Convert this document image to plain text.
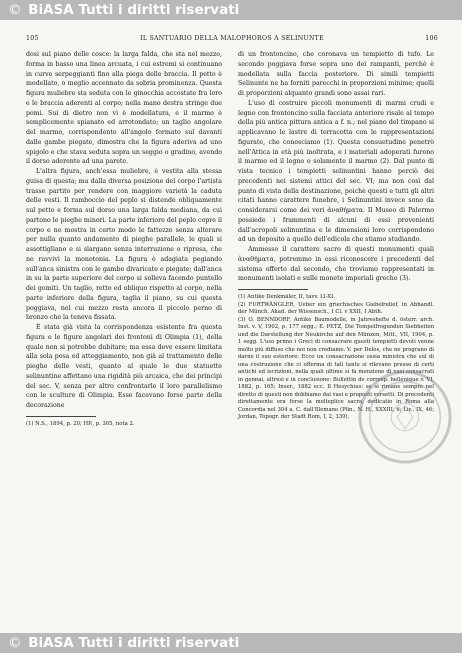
© BiASA Tutti i diritti riservati
105	IL SANTUARIO DELLA MALOPHOROS A SELINUNTE	106

dosi sul piano delle cosce: la larga falda, che sta nel mezzo, forma in basso una linea arcuata, i cui estremi si continuano in curve serpeggianti fino alla piega delle braccia. Il petto è modellato, o meglio accennato da sobria prominenza. Questa figura muliebre sta seduta con le ginocchia accostate fra loro e le braccia aderenti al corpo; nella mano destra stringe due pomi. Sui di dietro non vi è modellatura, e il marmo è semplicemente spianato ed arrotondato; un taglio angolare del marmo, corrispondente all'angolo formato sul davanti dalle gambe piegate, dimostra che la figura aderiva ad uno spigolo e che stava seduta sopra un seggio o gradino, avendo il dorso aderente ad una parete.

L'altra figura, anch'essa muliebre, è vestita alla stessa guisa di questa; ma dalla diversa posizione del corpo l'artista trasse partito per rendere con maggiore varietà la caduta delle vesti. Il ramboccio del peplo si distende obliquamente sul petto e forma sul dorso una larga falda mediana, da cui partono le pieghe minori. La parte inferiore del peplo copre il corpo e ne mostra in certo modo le fattezze senza alterare per nulla quanto andamento di pieghe parallele, le quali si assottigliano e si slargano senza interruzione o ripresa, che ne ravvivi la monotonia. La figura è adagiata pegiando sull'anca sinistra con le gambe divaricate e piegate; dall'anca in su la parte superiore del corpo si solleva facendo puntello dei gomiti. Un taglio, retto ed obliquo rispetto al corpo, nella parte inferiore della figura, taglia il piano, su cui questa poggiava, nel cui mezzo resta ancora il piccolo perno di bronzo che la teneva fissata.

È stata già vista la corrispondenza esistente fra questa figura e le figure angolari dei frontoni di Olimpia (1), della quale non si potrebbe dubitare; ma essa deve essere limitata alla sola posa ed atteggiamento, non già al trattamento delle pieghe delle vesti, quanto al quale le due statuette selinuntine affettano una rigidità più arcaica, che dei principi del sec. V, senza per altro confrontarle il loro parallelismo con le sculture di Olimpia. Esse facevano forse parte della decorazione

(1) N.S., 1894, p. 20; HP., p. 305, nota 2.

di un frontoncino, che coronava un tempietto di tufo. Le secondo poggiava forse sopra uno dei rampanti, perchè è modellata sulla faccia posteriore. Di simili tempietti Selinunte ne ha forniti parecchi in proporzioni minime; quelli di proporzioni alquanto grandi sono assai rari.

L'uso di costruire piccoli monumenti di marmi crudi e legno con frontoncino sulla facciata anteriore risale al tempo della più antica pittura antica a f. n.; nel piano del timpano si applicavano le lastre di terracotta con le rappresentazioni figurate, che conosciamo (1). Questa consuetudine penetrò nell'Attica in età più inoltrata, e i materiali adoperati furono il marmo ed il legno o solamente il marmo (2). Dal punto di vista tecnico i tempietti selinuntini hanno perciò dei precedenti nei sistemi attici del sec. VI; ma non così dal punto di vista della destinazione, poichè questi e tutti gli altri citati hanno carattere funebre, i Selinuntini invece sono da considerarsi come dei veri ἀναθήματα. Il Museo di Palermo possiede i frammenti di alcuni di essi provenienti dall'acropoli selinuntina e le dimensioni loro corrispondono ad un deposito a quello dell'edicola che stiamo studiando.

Ammesso il carattere sacro di questi monumenti quali ἀναθήματα, potremmo in essi riconoscere i precedenti del sistema offerto dal secondo, che troviamo rappresentati in monumenti isolati e sulle monete imperiali greche (3).

(1) Antike Denkmäler, II, tavv. LI-XI.

(2) FURTWÄNGLER, Ueber ein griechisches Giebelrelief, in Abhandl. der Münch. Akad. der Wissensch., I Cl. v XXII, I Abth.

(3) O. BENNDORF, Antike Baumodelle, in Jahreshefte d. österr. arch. Inst. v. V, 1902, p. 177 segg.; E. PETZ, Die Tempelfrogunden Siebheiten und die Darstellung der Neukirche auf den Münzen, Mitt., VII, 1904, p. 1 segg. L'uso primo i Greci di consacrare questi tempietti devoti venne molto più diffuso che noi non crediamo. V. per Delos, che ne prograno di darne il suo esteriore: Ecco un consacrazione ossia ministra che sul di una costruzione che ci offerma di tali tante si rilevano presso di certi antichi ed iscrizioni, nella quali ultime si fa menzione di vasi consacrati in gennai, altresi e in conclusione: Bullettin de corresp. hellénique v. VI, 1882, p. 165; Inser., 1882 ecc. Il Hesychius: se si rimane sempre nel diretto di questi non dobbiamo dai vasi e proposti versetti. Di precedenti direttamente era forse la molteplice sacra, dedicatio in Roma alla Concordia nel 304 a. C. dall'Illemano (Plin., N. H., XXXIII, 6; Liv., IX, 46; Jordan, Topogr. der Stadt Rom, I, 2, 339).

© BiASA Tutti i diritti riservati
